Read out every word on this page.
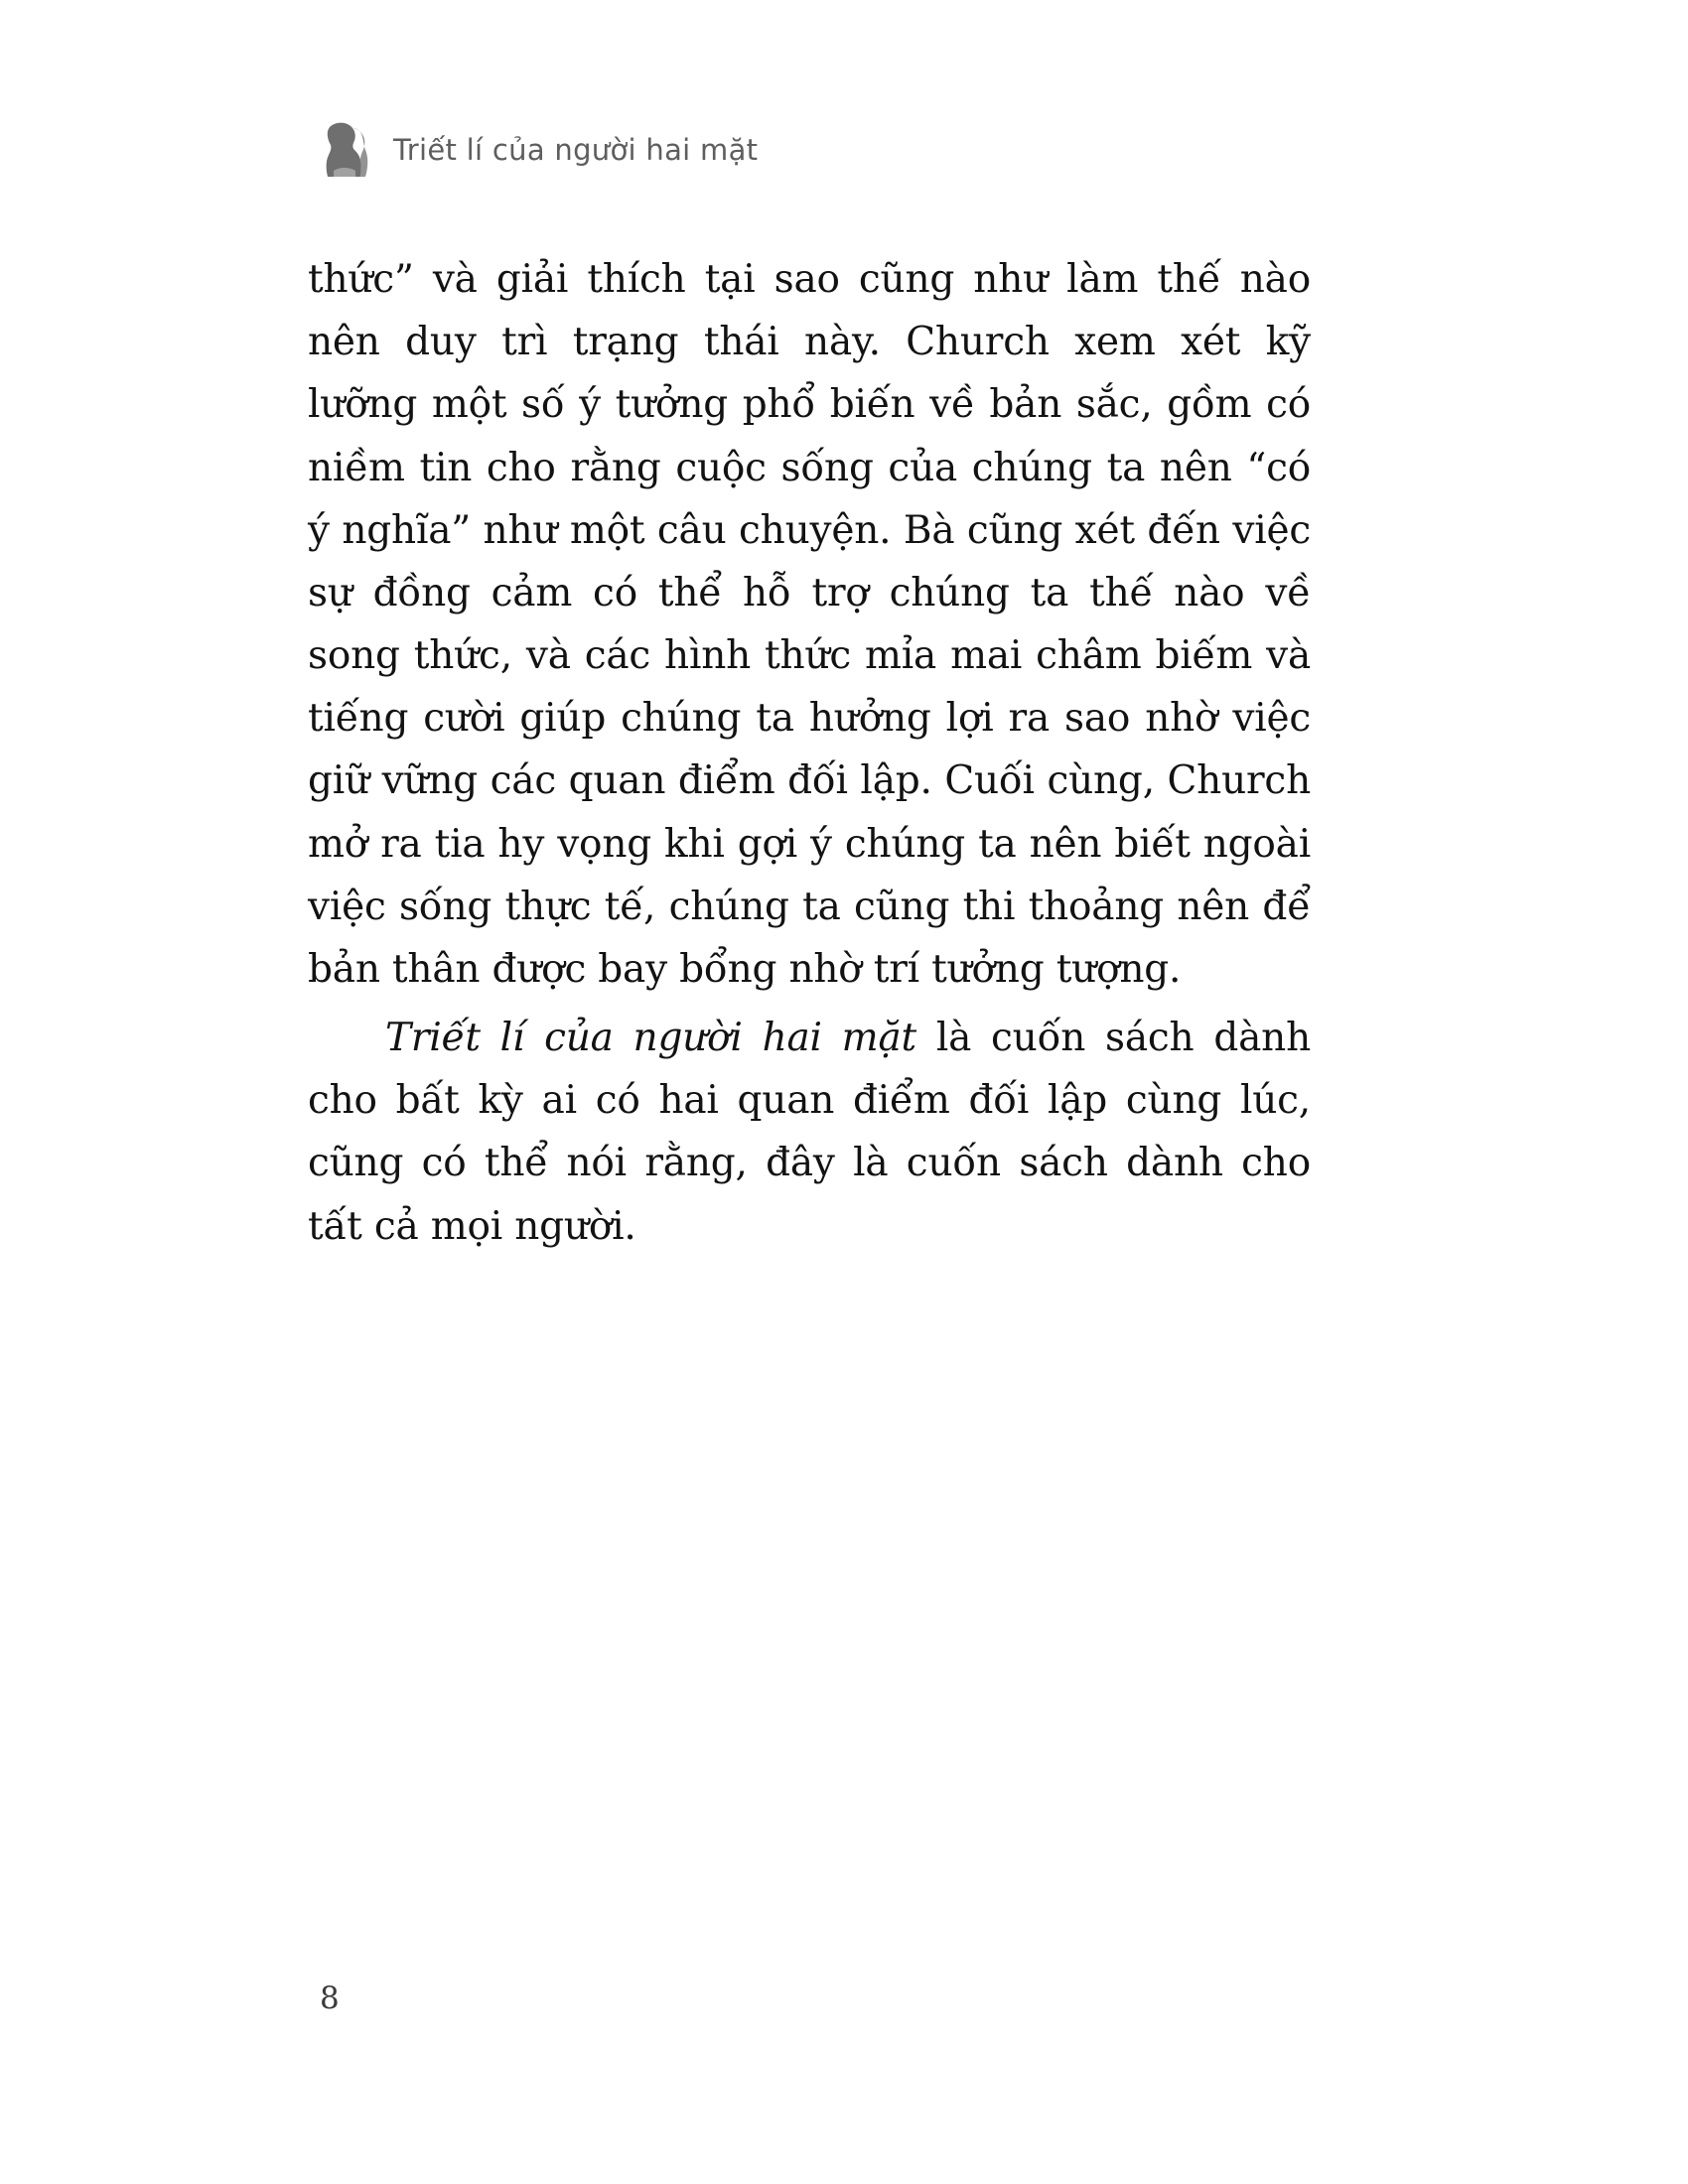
Triết lí của người hai mặt

thức” và giải thích tại sao cũng như làm thế nào nên duy trì trạng thái này. Church xem xét kỹ lưỡng một số ý tưởng phổ biến về bản sắc, gồm có niềm tin cho rằng cuộc sống của chúng ta nên “có ý nghĩa” như một câu chuyện. Bà cũng xét đến việc sự đồng cảm có thể hỗ trợ chúng ta thế nào về song thức, và các hình thức mỉa mai châm biếm và tiếng cười giúp chúng ta hưởng lợi ra sao nhờ việc giữ vững các quan điểm đối lập. Cuối cùng, Church mở ra tia hy vọng khi gợi ý chúng ta nên biết ngoài việc sống thực tế, chúng ta cũng thi thoảng nên để bản thân được bay bổng nhờ trí tưởng tượng.

Triết lí của người hai mặt là cuốn sách dành cho bất kỳ ai có hai quan điểm đối lập cùng lúc, cũng có thể nói rằng, đây là cuốn sách dành cho tất cả mọi người.

8
